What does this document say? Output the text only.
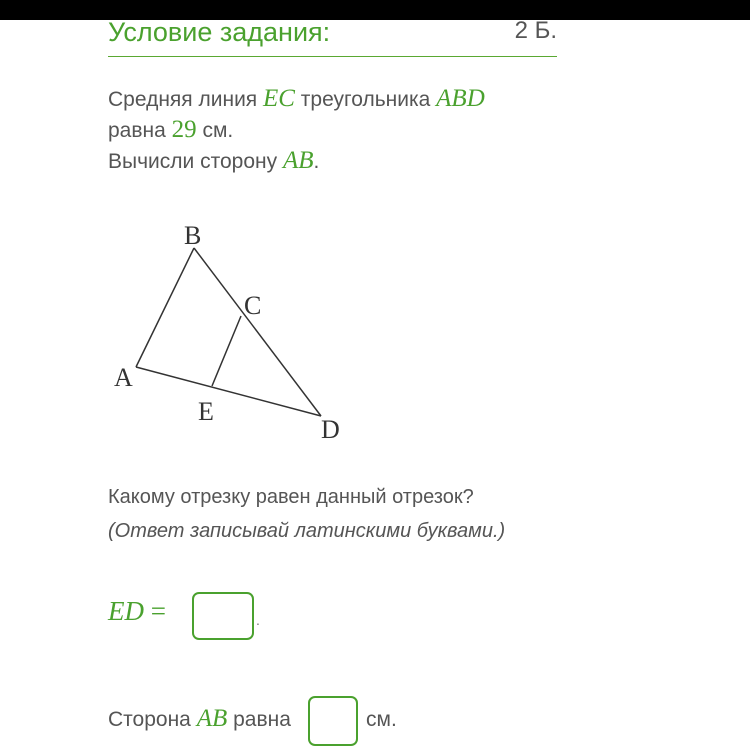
Условие задания:	2 Б.
Средняя линия EC треугольника ABD
равна 29 см.
Вычисли сторону AB.
B
C
A
E
D
Какому отрезку равен данный отрезок?
(Ответ записывай латинскими буквами.)
ED =	.
Сторона AB равна	см.
